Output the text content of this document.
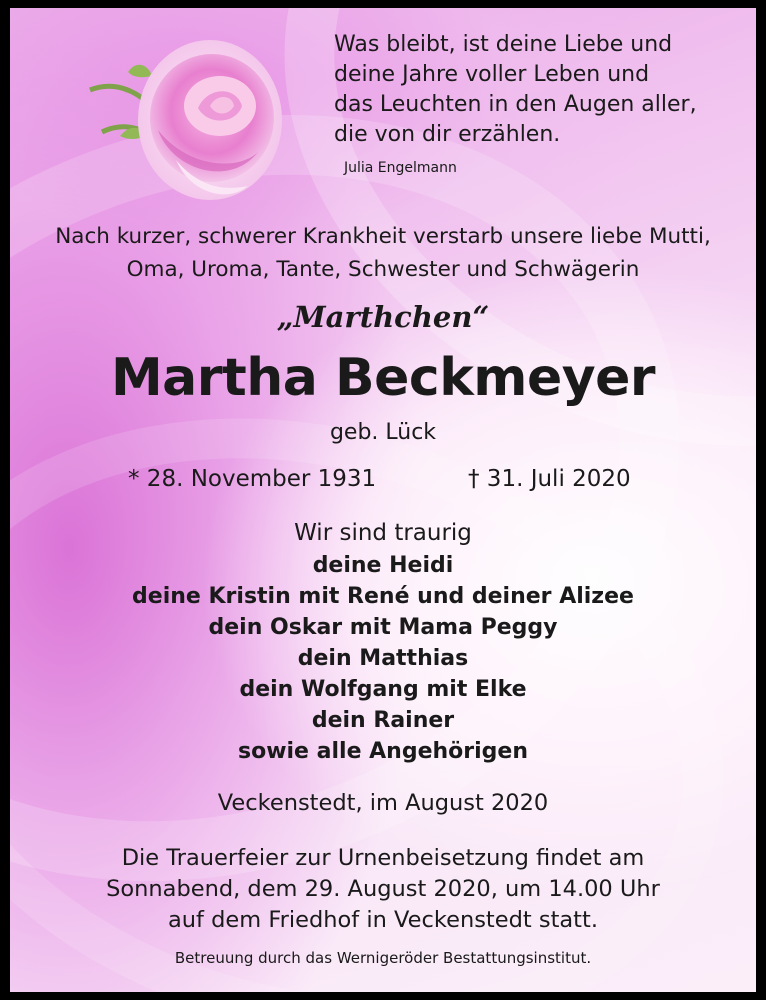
Was bleibt, ist deine Liebe und
deine Jahre voller Leben und
das Leuchten in den Augen aller,
die von dir erzählen.
Julia Engelmann
Nach kurzer, schwerer Krankheit verstarb unsere liebe Mutti,
Oma, Uroma, Tante, Schwester und Schwägerin
„Marthchen“
Martha Beckmeyer
geb. Lück
* 28. November 1931	† 31. Juli 2020
Wir sind traurig
deine Heidi
deine Kristin mit René und deiner Alizee
dein Oskar mit Mama Peggy
dein Matthias
dein Wolfgang mit Elke
dein Rainer
sowie alle Angehörigen
Veckenstedt, im August 2020
Die Trauerfeier zur Urnenbeisetzung findet am
Sonnabend, dem 29. August 2020, um 14.00 Uhr
auf dem Friedhof in Veckenstedt statt.
Betreuung durch das Wernigeröder Bestattungsinstitut.
